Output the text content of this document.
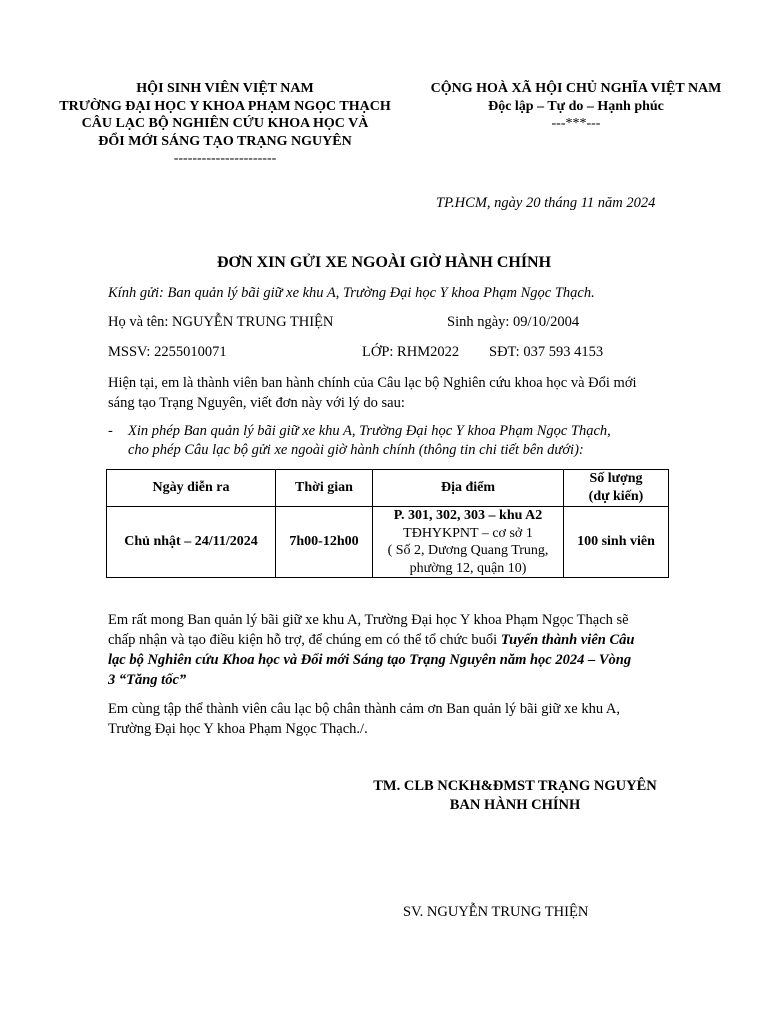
HỘI SINH VIÊN VIỆT NAM
TRƯỜNG ĐẠI HỌC Y KHOA PHẠM NGỌC THẠCH
CÂU LẠC BỘ NGHIÊN CỨU KHOA HỌC VÀ
ĐỔI MỚI SÁNG TẠO TRẠNG NGUYÊN
----------------------
CỘNG HOÀ XÃ HỘI CHỦ NGHĨA VIỆT NAM
Độc lập – Tự do – Hạnh phúc
---***---
TP.HCM, ngày 20 tháng 11 năm 2024
ĐƠN XIN GỬI XE NGOÀI GIỜ HÀNH CHÍNH
Kính gửi: Ban quản lý bãi giữ xe khu A, Trường Đại học Y khoa Phạm Ngọc Thạch.
Họ và tên: NGUYỄN TRUNG THIỆN	Sinh ngày: 09/10/2004
MSSV: 2255010071	LỚP: RHM2022 SĐT: 037 593 4153
Hiện tại, em là thành viên ban hành chính của Câu lạc bộ Nghiên cứu khoa học và Đổi mới
sáng tạo Trạng Nguyên, viết đơn này với lý do sau:
- Xin phép Ban quản lý bãi giữ xe khu A, Trường Đại học Y khoa Phạm Ngọc Thạch,
cho phép Câu lạc bộ gửi xe ngoài giờ hành chính (thông tin chi tiết bên dưới):
Ngày diễn ra	Thời gian	Địa điểm	Số lượng
(dự kiến)

Chủ nhật – 24/11/2024	7h00-12h00	P. 301, 302, 303 – khu A2
TĐHYKPNT – cơ sở 1
( Số 2, Dương Quang Trung,
phường 12, quận 10)	100 sinh viên
Em rất mong Ban quản lý bãi giữ xe khu A, Trường Đại học Y khoa Phạm Ngọc Thạch sẽ
chấp nhận và tạo điều kiện hỗ trợ, để chúng em có thể tổ chức buổi Tuyển thành viên Câu
lạc bộ Nghiên cứu Khoa học và Đổi mới Sáng tạo Trạng Nguyên năm học 2024 – Vòng
3 “Tăng tốc”
Em cùng tập thể thành viên câu lạc bộ chân thành cảm ơn Ban quản lý bãi giữ xe khu A,
Trường Đại học Y khoa Phạm Ngọc Thạch./.
TM. CLB NCKH&ĐMST TRẠNG NGUYÊN
BAN HÀNH CHÍNH
SV. NGUYỄN TRUNG THIỆN
